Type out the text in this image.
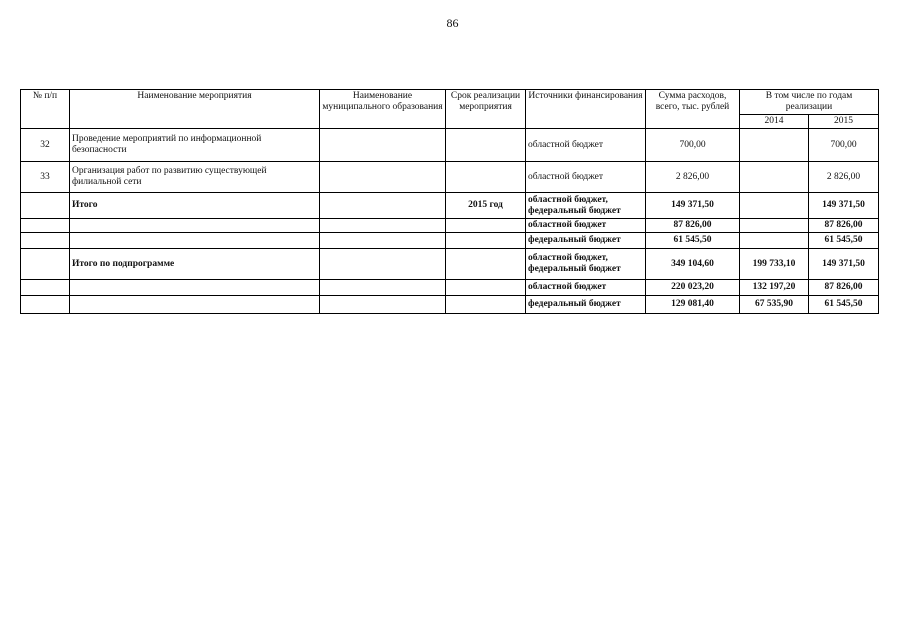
86
№ п/п	Наименование мероприятия	Наименование муниципального образования	Срок реализации мероприятия	Источники финансирования	Сумма расходов, всего, тыс. рублей	В том числе по годам реализации	
						2014	2015
32	Проведение мероприятий по информационной безопасности			областной бюджет	700,00		700,00
33	Организация работ по развитию существующей филиальной сети			областной бюджет	2 826,00		2 826,00
	Итого		2015 год	областной бюджет, федеральный бюджет	149 371,50		149 371,50
				областной бюджет	87 826,00		87 826,00
				федеральный бюджет	61 545,50		61 545,50
	Итого по подпрограмме			областной бюджет, федеральный бюджет	349 104,60	199 733,10	149 371,50
				областной бюджет	220 023,20	132 197,20	87 826,00
				федеральный бюджет	129 081,40	67 535,90	61 545,50
